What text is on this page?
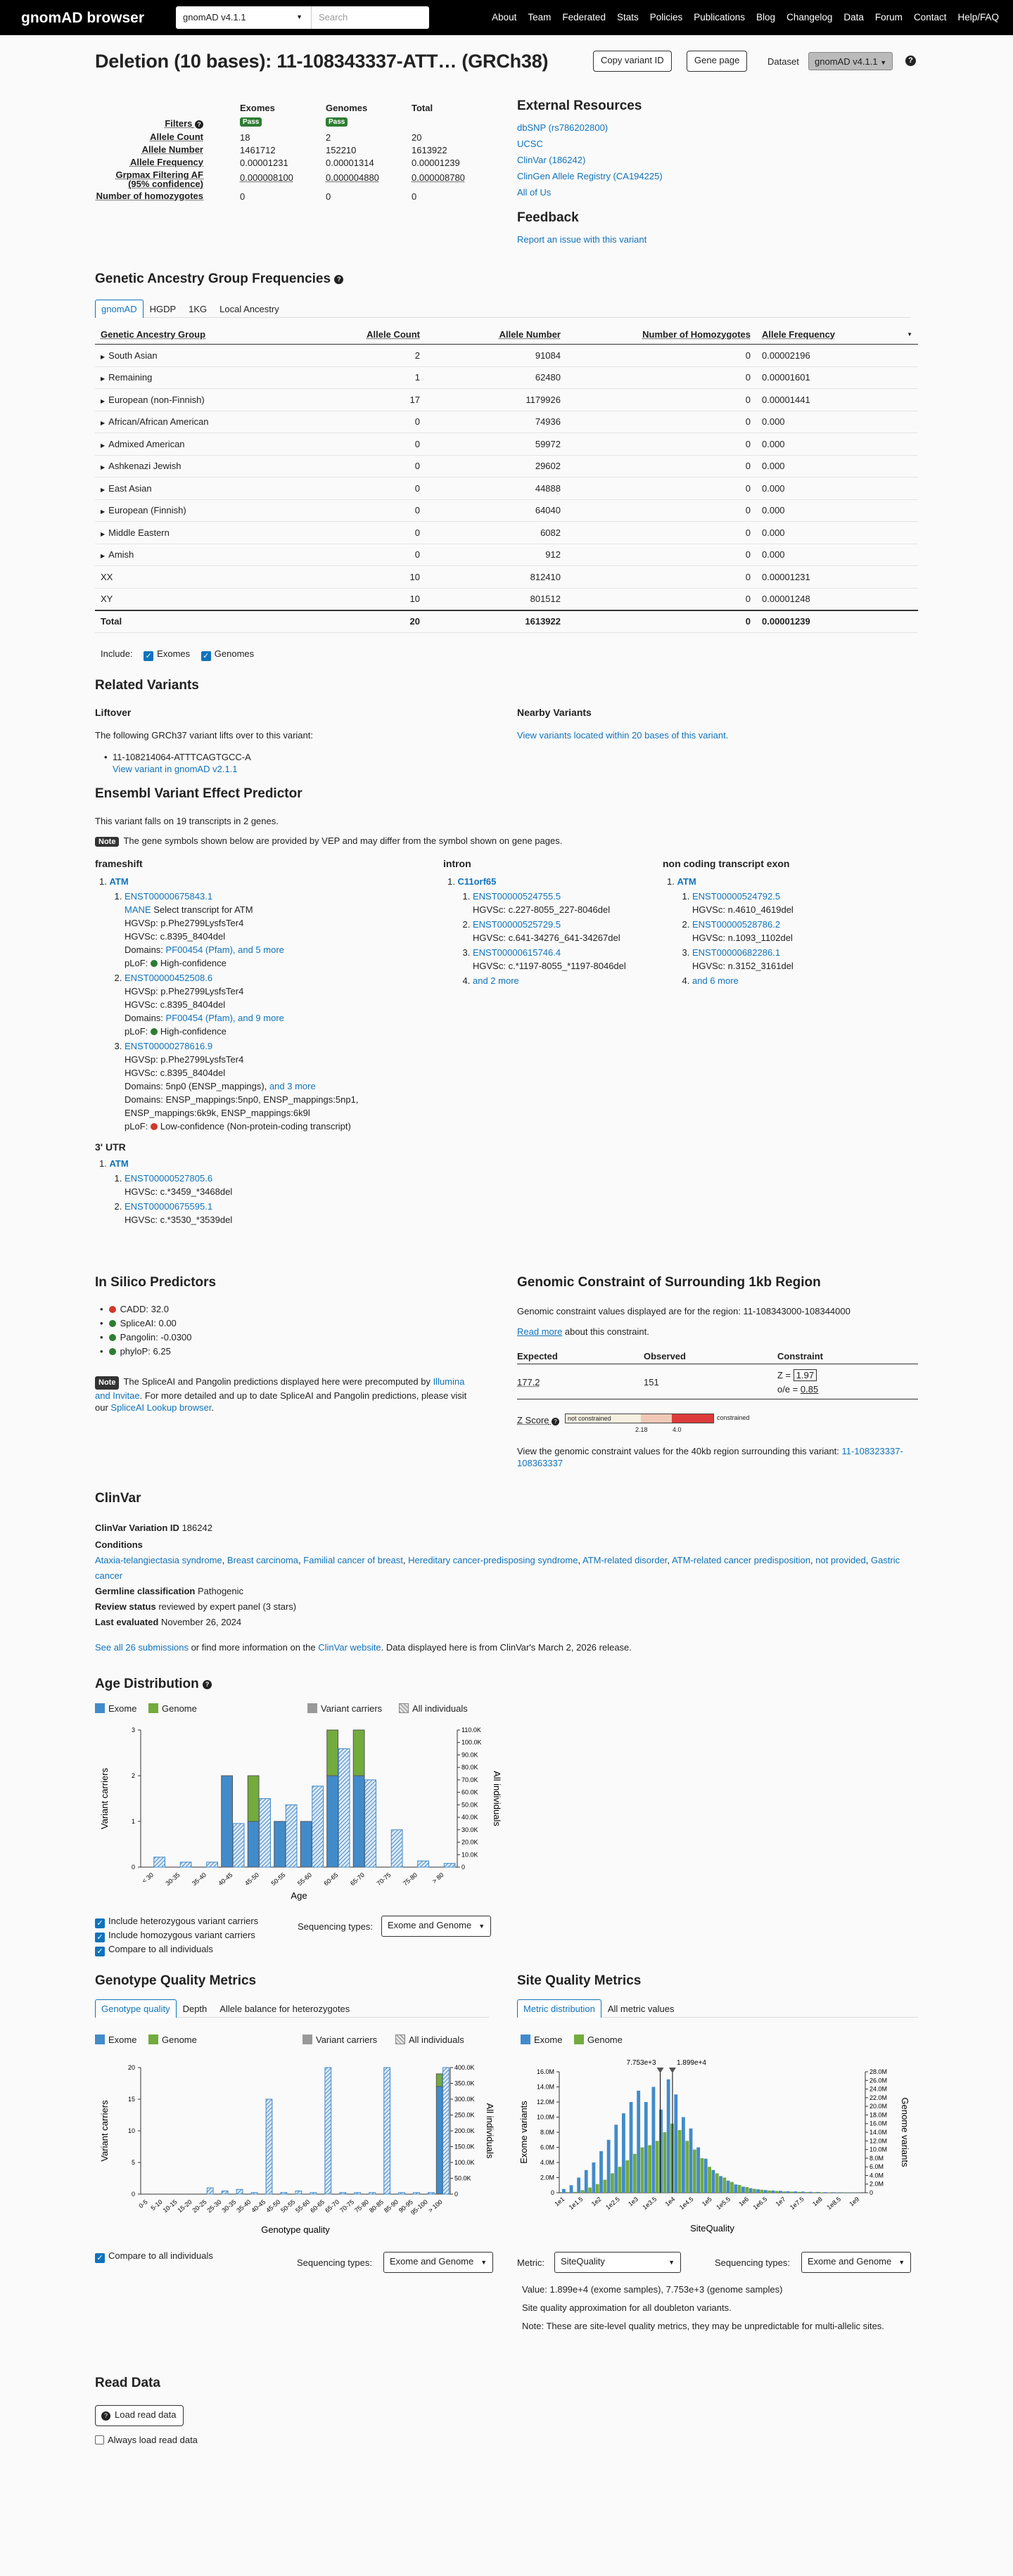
gnomAD browser	gnomAD v4.1.1	▼	Search	About Team Federated Stats Policies Publications Blog Changelog Data Forum Contact Help/FAQ
Deletion (10 bases): 11-108343337-ATT… (GRCh38)	Copy variant ID	Gene page	Dataset	gnomAD v4.1.1 ▼	?
Exomes	Genomes	Total
Filters ?	Pass	Pass
Allele Count	18	2	20
Allele Number	1461712	152210	1613922
Allele Frequency	0.00001231	0.00001314	0.00001239
Grpmax Filtering AF
(95% confidence)
0.000008100	0.000004880	0.000008780
Number of homozygotes	0	0	0
External Resources
dbSNP (rs786202800)
UCSC
ClinVar (186242)
ClinGen Allele Registry (CA194225)
All of Us
Feedback
Report an issue with this variant
Genetic Ancestry Group Frequencies ?
gnomAD	HGDP	1KG	Local Ancestry
Genetic Ancestry Group	Allele Count	Allele Number	Number of Homozygotes	Allele Frequency ▼

▶ South Asian	2	91084	0	0.00002196
▶ Remaining	1	62480	0	0.00001601
▶ European (non-Finnish)	17	1179926	0	0.00001441
▶ African/African American	0	74936	0	0.000
▶ Admixed American	0	59972	0	0.000
▶ Ashkenazi Jewish	0	29602	0	0.000
▶ East Asian	0	44888	0	0.000
▶ European (Finnish)	0	64040	0	0.000
▶ Middle Eastern	0	6082	0	0.000
▶ Amish	0	912	0	0.000
XX	10	812410	0	0.00001231
XY	10	801512	0	0.00001248
Total	20	1613922	0	0.00001239
Include: ✓ Exomes ✓ Genomes
Related Variants
Liftover
The following GRCh37 variant lifts over to this variant:
• 11-108214064-ATTTCAGTGCC-A
View variant in gnomAD v2.1.1
Nearby Variants
View variants located within 20 bases of this variant.
Ensembl Variant Effect Predictor
This variant falls on 19 transcripts in 2 genes.
Note The gene symbols shown below are provided by VEP and may differ from the symbol shown on gene pages.
frameshift
1. ATM
1. ENST00000675843.1
MANE Select transcript for ATM
HGVSp: p.Phe2799LysfsTer4
HGVSc: c.8395_8404del
Domains: PF00454 (Pfam), and 5 more
pLoF: High-confidence
2. ENST00000452508.6
HGVSp: p.Phe2799LysfsTer4
HGVSc: c.8395_8404del
Domains: PF00454 (Pfam), and 9 more
pLoF: High-confidence
3. ENST00000278616.9
HGVSp: p.Phe2799LysfsTer4
HGVSc: c.8395_8404del
Domains: 5np0 (ENSP_mappings), and 3 more
Domains: ENSP_mappings:5np0, ENSP_mappings:5np1,
ENSP_mappings:6k9k, ENSP_mappings:6k9l
pLoF: Low-confidence (Non-protein-coding transcript)
3' UTR
1. ATM
1. ENST00000527805.6
HGVSc: c.*3459_*3468del
2. ENST00000675595.1
HGVSc: c.*3530_*3539del
intron
1. C11orf65
1. ENST00000524755.5
HGVSc: c.227-8055_227-8046del
2. ENST00000525729.5
HGVSc: c.641-34276_641-34267del
3. ENST00000615746.4
HGVSc: c.*1197-8055_*1197-8046del
4. and 2 more
non coding transcript exon
1. ATM
1. ENST00000524792.5
HGVSc: n.4610_4619del
2. ENST00000528786.2
HGVSc: n.1093_1102del
3. ENST00000682286.1
HGVSc: n.3152_3161del
4. and 6 more
In Silico Predictors
• CADD: 32.0
• SpliceAI: 0.00
• Pangolin: -0.0300
• phyloP: 6.25
Note The SpliceAI and Pangolin predictions displayed here were precomputed by Illumina and Invitae. For more detailed and up to date SpliceAI and Pangolin predictions, please visit our SpliceAI Lookup browser.
Genomic Constraint of Surrounding 1kb Region
Genomic constraint values displayed are for the region: 11-108343000-108344000
Read more about this constraint.
Expected	Observed	Constraint
177.2	151
Z = 1.97
o/e = 0.85
Z Score ?	not constrained	constrained
2.18	4.0
View the genomic constraint values for the 40kb region surrounding this variant: 11-108323337-108363337
ClinVar
ClinVar Variation ID 186242
Conditions
Ataxia-telangiectasia syndrome, Breast carcinoma, Familial cancer of breast, Hereditary cancer-predisposing syndrome, ATM-related disorder, ATM-related cancer predisposition, not provided, Gastric cancer
Germline classification Pathogenic
Review status reviewed by expert panel (3 stars)
Last evaluated November 26, 2024
See all 26 submissions or find more information on the ClinVar website. Data displayed here is from ClinVar's March 2, 2026 release.
Age Distribution ?
Exome	Genome	Variant carriers	All individuals
0
1
2
3
0
10.0K
20.0K
30.0K
40.0K
50.0K
60.0K
70.0K
80.0K
90.0K
100.0K
110.0K
< 30 30-35 35-40 40-45 45-50 50-55 55-60 60-65 65-70 70-75 75-80 > 80
Age
Variant carriers	All individuals
✓ Include heterozygous variant carriers
✓ Include homozygous variant carriers
✓ Compare to all individuals
Sequencing types:	Exome and Genome ▼
Genotype Quality Metrics
Genotype quality	Depth	Allele balance for heterozygotes
Exome	Genome	Variant carriers	All individuals
0
5
10
15
20
0
50.0K
100.0K
150.0K
200.0K
250.0K
300.0K
350.0K
400.0K
0-5 5-10
10-15
15-20
20-25
25-30
30-35
35-40
40-45
45-50
50-55
55-60
60-65
65-70
70-75
75-80
80-85
85-90
90-95
95-100
> 100
Genotype quality
Variant carriers	All individuals
✓ Compare to all individuals
Sequencing types:	Exome and Genome ▼
Site Quality Metrics
Metric distribution	All metric values
Exome	Genome
0
2.0M
4.0M
6.0M
8.0M
10.0M
12.0M
14.0M
16.0M
0
2.0M
4.0M
6.0M
8.0M
10.0M
12.0M
14.0M
16.0M
18.0M
20.0M
22.0M
24.0M
26.0M
28.0M
1e1 1e1.5 1e2 1e2.5 1e3 1e3.5 1e4 1e4.5 1e5 1e5.5 1e6 1e6.5 1e7 1e7.5 1e8 1e8.5 1e9
7.753e+3	1.899e+4
SiteQuality
Exome variants	Genome variants
Metric:	SiteQuality	▼	Sequencing types:	Exome and Genome ▼
Value: 1.899e+4 (exome samples), 7.753e+3 (genome samples)
Site quality approximation for all doubleton variants.
Note: These are site-level quality metrics, they may be unpredictable for multi-allelic sites.
Read Data
? Load read data
Always load read data
